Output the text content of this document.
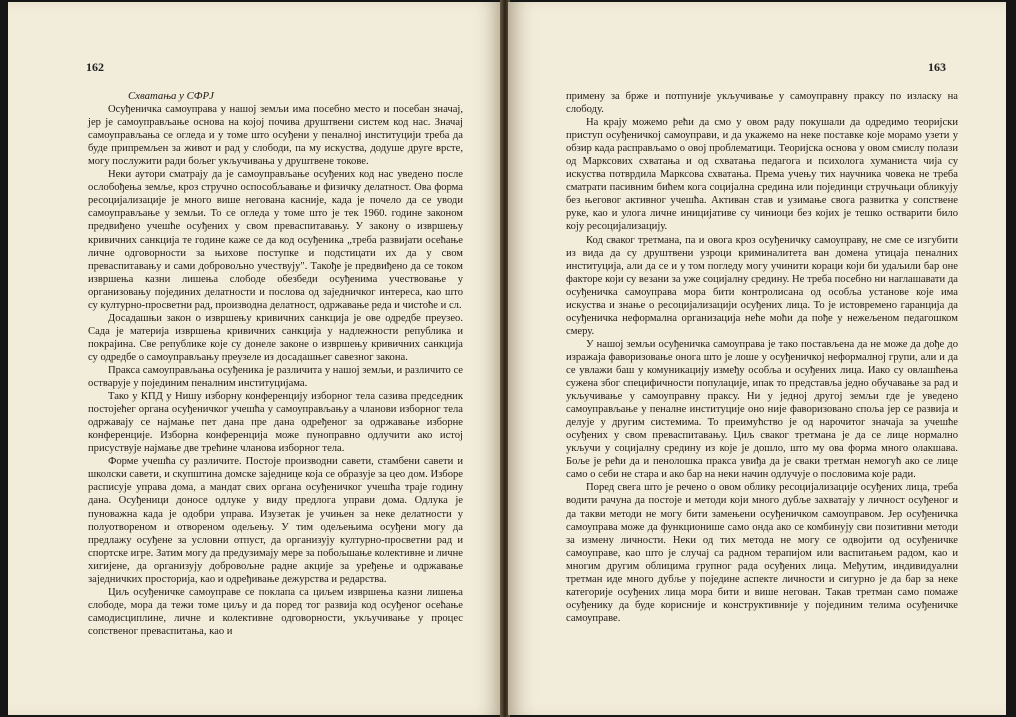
162
Схватања у СФРЈ

Осуђеничка самоуправа у нашој земљи има посебно место и посебан значај, јер је самоуправљање основа на којој почива друштвени систем код нас. Значај самоуправљања се огледа и у томе што осуђени у пеналној институцији треба да буде припремљен за живот и рад у слободи, па му искуства, додуше друге врсте, могу послужити ради бољег укључивања у друштвене токове.

Неки аутори сматрају да је самоуправљање осуђених код нас уведено после ослобођења земље, кроз стручно оспособљавање и физичку делатност. Ова форма ресоцијализације је много више негована касније, када је почело да се уводи самоуправљање у земљи. То се огледа у томе што је тек 1960. године законом предвиђено учешће осуђених у свом превaспитавању. У закону о извршењу кривичних санкција те године каже се да код осуђеника „треба развијати осећање личне одговорности за њихове поступке и подстицати их да у свом превaспитавању и сами добровољно учествују". Такође је предвиђено да се током извршења казни лишења слободе обезбеди осуђенима учествовање у организовању појединих делатности и послова од заједничког интереса, као што су културно-просветни рад, производна делатност, одржавање реда и чистоће и сл.

Досадашњи закон о извршењу кривичних санкција је ове одредбе преузео. Сада је материја извршења кривичних санкција у надлежности република и покрајина. Све републике које су донеле законе о извршењу кривичних санкција су одредбе о самоуправљању преузеле из досадашњег савезног закона.

Пракса самоуправљања осуђеника је различита у нашој земљи, и различито се остварује у појединим пеналним институцијама.

Тако у КПД у Нишу изборну конференцију изборног тела сазива председник постојећег органа осуђеничког учешћа у самоуправљању а чланови изборног тела одржавају се најмање пет дана пре дана одређеног за одржавање изборне конференције. Изборна конференција може пуноправно одлучити ако истој присуствује најмање две трећине чланова изборног тела.

Форме учешћа су различите. Постоје производни савети, стамбени савети и школски савети, и скупштина домске заједнице која се образује за цео дом. Изборе расписује управа дома, а мандат свих органа осуђеничког учешћа траје годину дана. Осуђеници доносе одлуке у виду предлога управи дома. Одлука је пуноважна када је одобри управа. Изузетак је учињен за неке делатности у полуотвореном и отвореном одељењу. У тим одељењима осуђени могу да предлажу осуђене за условни отпуст, да организују културно-просветни рад и спортске игре. Затим могу да предузимају мере за побољшање колективне и личне хигијене, да организују добровољне радне акције за уређење и одржавање заједничких просторија, као и одређивање дежурства и редарства.

Циљ осуђеничке самоуправе се поклапа са циљем извршења казни лишења слободе, мора да тежи томе циљу и да поред тог развија код осуђеног осећање самодисциплине, личне и колективне одговорности, укључивање у процес сопственог превaспитања, као и

163

примену за брже и потпуније укључивање у самоуправну праксу по изласку на слободу.

На крају можемо рећи да смо у овом раду покушали да одредимо теоријски приступ осуђеничкој самоуправи, и да укажемо на неке поставке које морамо узети у обзир када расправљамо о овој проблематици. Теоријска основа у овом смислу полази од Марксових схватања и од схватања педагога и психолога хуманиста чија су искуства потврдила Марксова схватања. Према учењу тих научника човека не треба сматрати пасивним бићем кога социјална средина или појединци стручњаци обликују без његовог активног учешћа. Активан став и узимање свога развитка у сопствене руке, као и улога личне иницијативе су чиниоци без којих је тешко остварити било коју ресоцијализацију.

Код сваког третмана, па и овога кроз осуђеничку самоуправу, не сме се изгубити из вида да су друштвени узроци криминалитета ван домена утицаја пеналних институција, али да се и у том погледу могу учинити кораци који би удаљили бар оне факторе који су везани за уже социјалну средину. Не треба посебно ни наглашавати да осуђеничка самоуправа мора бити контролисана од особља установе које има искуства и знање о ресоцијализацији осуђених лица. То је истовремено гаранција да осуђеничка неформална организација неће моћи да пође у нежељеном педагошком смеру.

У нашој земљи осуђеничка самоуправа је тако постављена да не може да дође до изражаја фаворизовање онога што је лоше у осуђеничкој неформалној групи, али и да се увлажи баш у комуникацију између особља и осуђених лица. Иако су овлашћења сужена због специфичности популације, ипак то представља једно обучавање за рад и укључивање у самоуправну праксу. Ни у једној другој земљи где је уведено самоуправљање у пеналне институције оно није фаворизовано споља јер се развија и делује у другим системима. То преимућство је од нарочитог значаја за учешће осуђених у свом превaспитавању. Циљ сваког третмана је да се лице нормално укључи у социјалну средину из које је дошло, што му ова форма много олакшава. Боље је рећи да и пенолошка пракса увиђа да је сваки третман немогућ ако се лице само о себи не стара и ако бар на неки начин одлучује о пословима које ради.

Поред свега што је речено о овом облику ресоцијализације осуђених лица, треба водити рачуна да постоје и методи који много дубље захватају у личност осуђеног и да такви методи не могу бити замењени осуђеничком самоуправом. Јер осуђеничка самоуправа може да функционише само онда ако се комбинују сви позитивни методи за измену личности. Неки од тих метода не могу се одвојити од осуђеничке самоуправе, као што је случај са радном терапијом или васпитањем радом, као и многим другим облицима групног рада осуђених лица. Међутим, индивидуални третман иде много дубље у поједине аспекте личности и сигурно је да бар за неке категорије осуђених лица мора бити и више негован. Такав третман само помаже осуђенику да буде корисније и конструктивније у појединим телима осуђеничке самоуправе.
